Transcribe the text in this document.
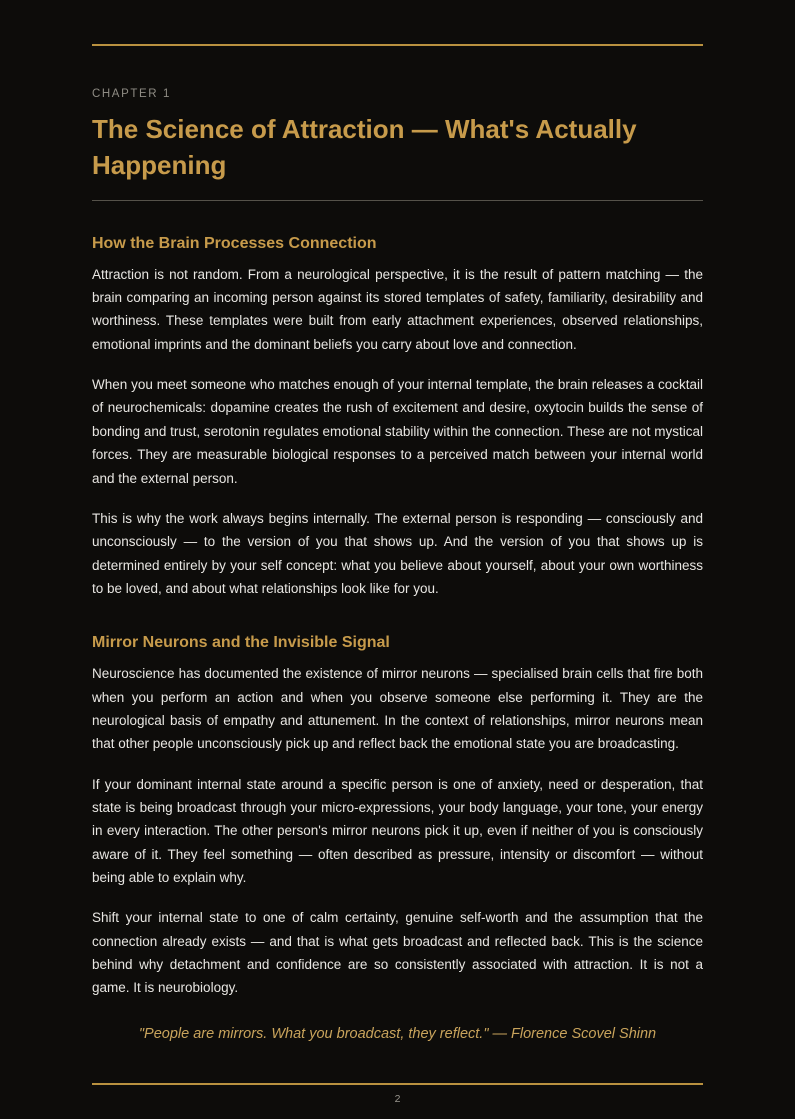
CHAPTER 1
The Science of Attraction — What's Actually Happening
How the Brain Processes Connection

Attraction is not random. From a neurological perspective, it is the result of pattern matching — the brain comparing an incoming person against its stored templates of safety, familiarity, desirability and worthiness. These templates were built from early attachment experiences, observed relationships, emotional imprints and the dominant beliefs you carry about love and connection.

When you meet someone who matches enough of your internal template, the brain releases a cocktail of neurochemicals: dopamine creates the rush of excitement and desire, oxytocin builds the sense of bonding and trust, serotonin regulates emotional stability within the connection. These are not mystical forces. They are measurable biological responses to a perceived match between your internal world and the external person.

This is why the work always begins internally. The external person is responding — consciously and unconsciously — to the version of you that shows up. And the version of you that shows up is determined entirely by your self concept: what you believe about yourself, about your own worthiness to be loved, and about what relationships look like for you.

Mirror Neurons and the Invisible Signal

Neuroscience has documented the existence of mirror neurons — specialised brain cells that fire both when you perform an action and when you observe someone else performing it. They are the neurological basis of empathy and attunement. In the context of relationships, mirror neurons mean that other people unconsciously pick up and reflect back the emotional state you are broadcasting.

If your dominant internal state around a specific person is one of anxiety, need or desperation, that state is being broadcast through your micro-expressions, your body language, your tone, your energy in every interaction. The other person's mirror neurons pick it up, even if neither of you is consciously aware of it. They feel something — often described as pressure, intensity or discomfort — without being able to explain why.

Shift your internal state to one of calm certainty, genuine self-worth and the assumption that the connection already exists — and that is what gets broadcast and reflected back. This is the science behind why detachment and confidence are so consistently associated with attraction. It is not a game. It is neurobiology.

"People are mirrors. What you broadcast, they reflect." — Florence Scovel Shinn
2
